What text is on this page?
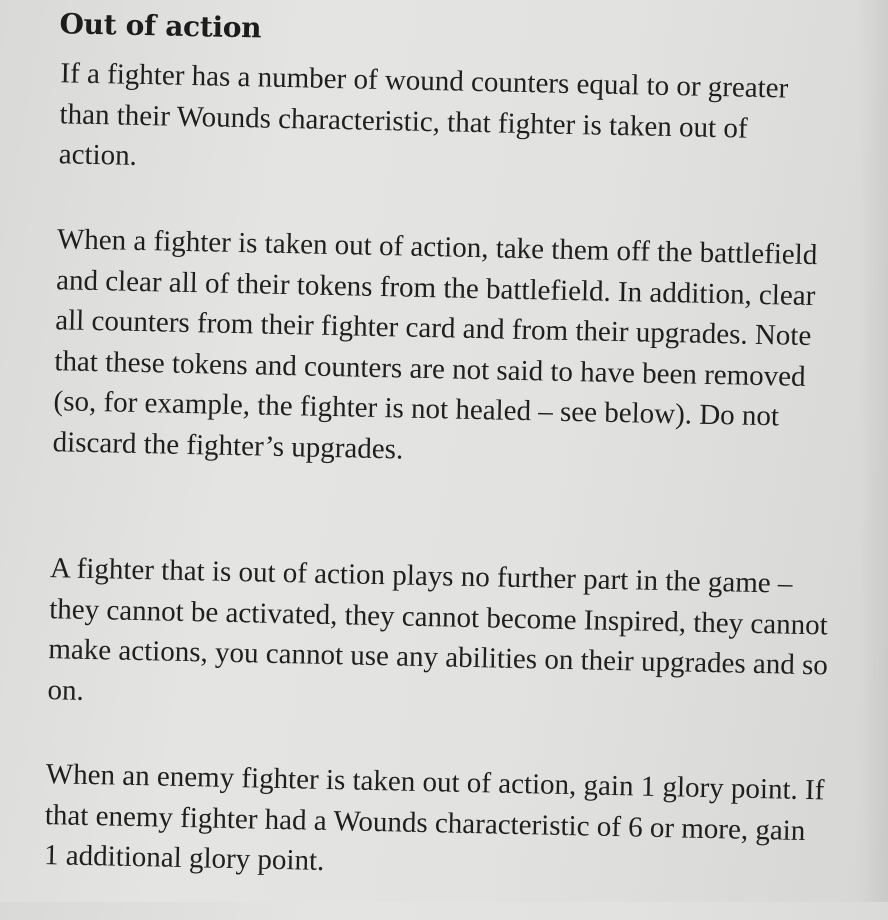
Out of action

If a fighter has a number of wound counters equal to or greater than their Wounds characteristic, that fighter is taken out of action.

When a fighter is taken out of action, take them off the battlefield and clear all of their tokens from the battlefield. In addition, clear all counters from their fighter card and from their upgrades. Note that these tokens and counters are not said to have been removed (so, for example, the fighter is not healed – see below). Do not discard the fighter’s upgrades.

A fighter that is out of action plays no further part in the game – they cannot be activated, they cannot become Inspired, they cannot make actions, you cannot use any abilities on their upgrades and so on.

When an enemy fighter is taken out of action, gain 1 glory point. If that enemy fighter had a Wounds characteristic of 6 or more, gain 1 additional glory point.
